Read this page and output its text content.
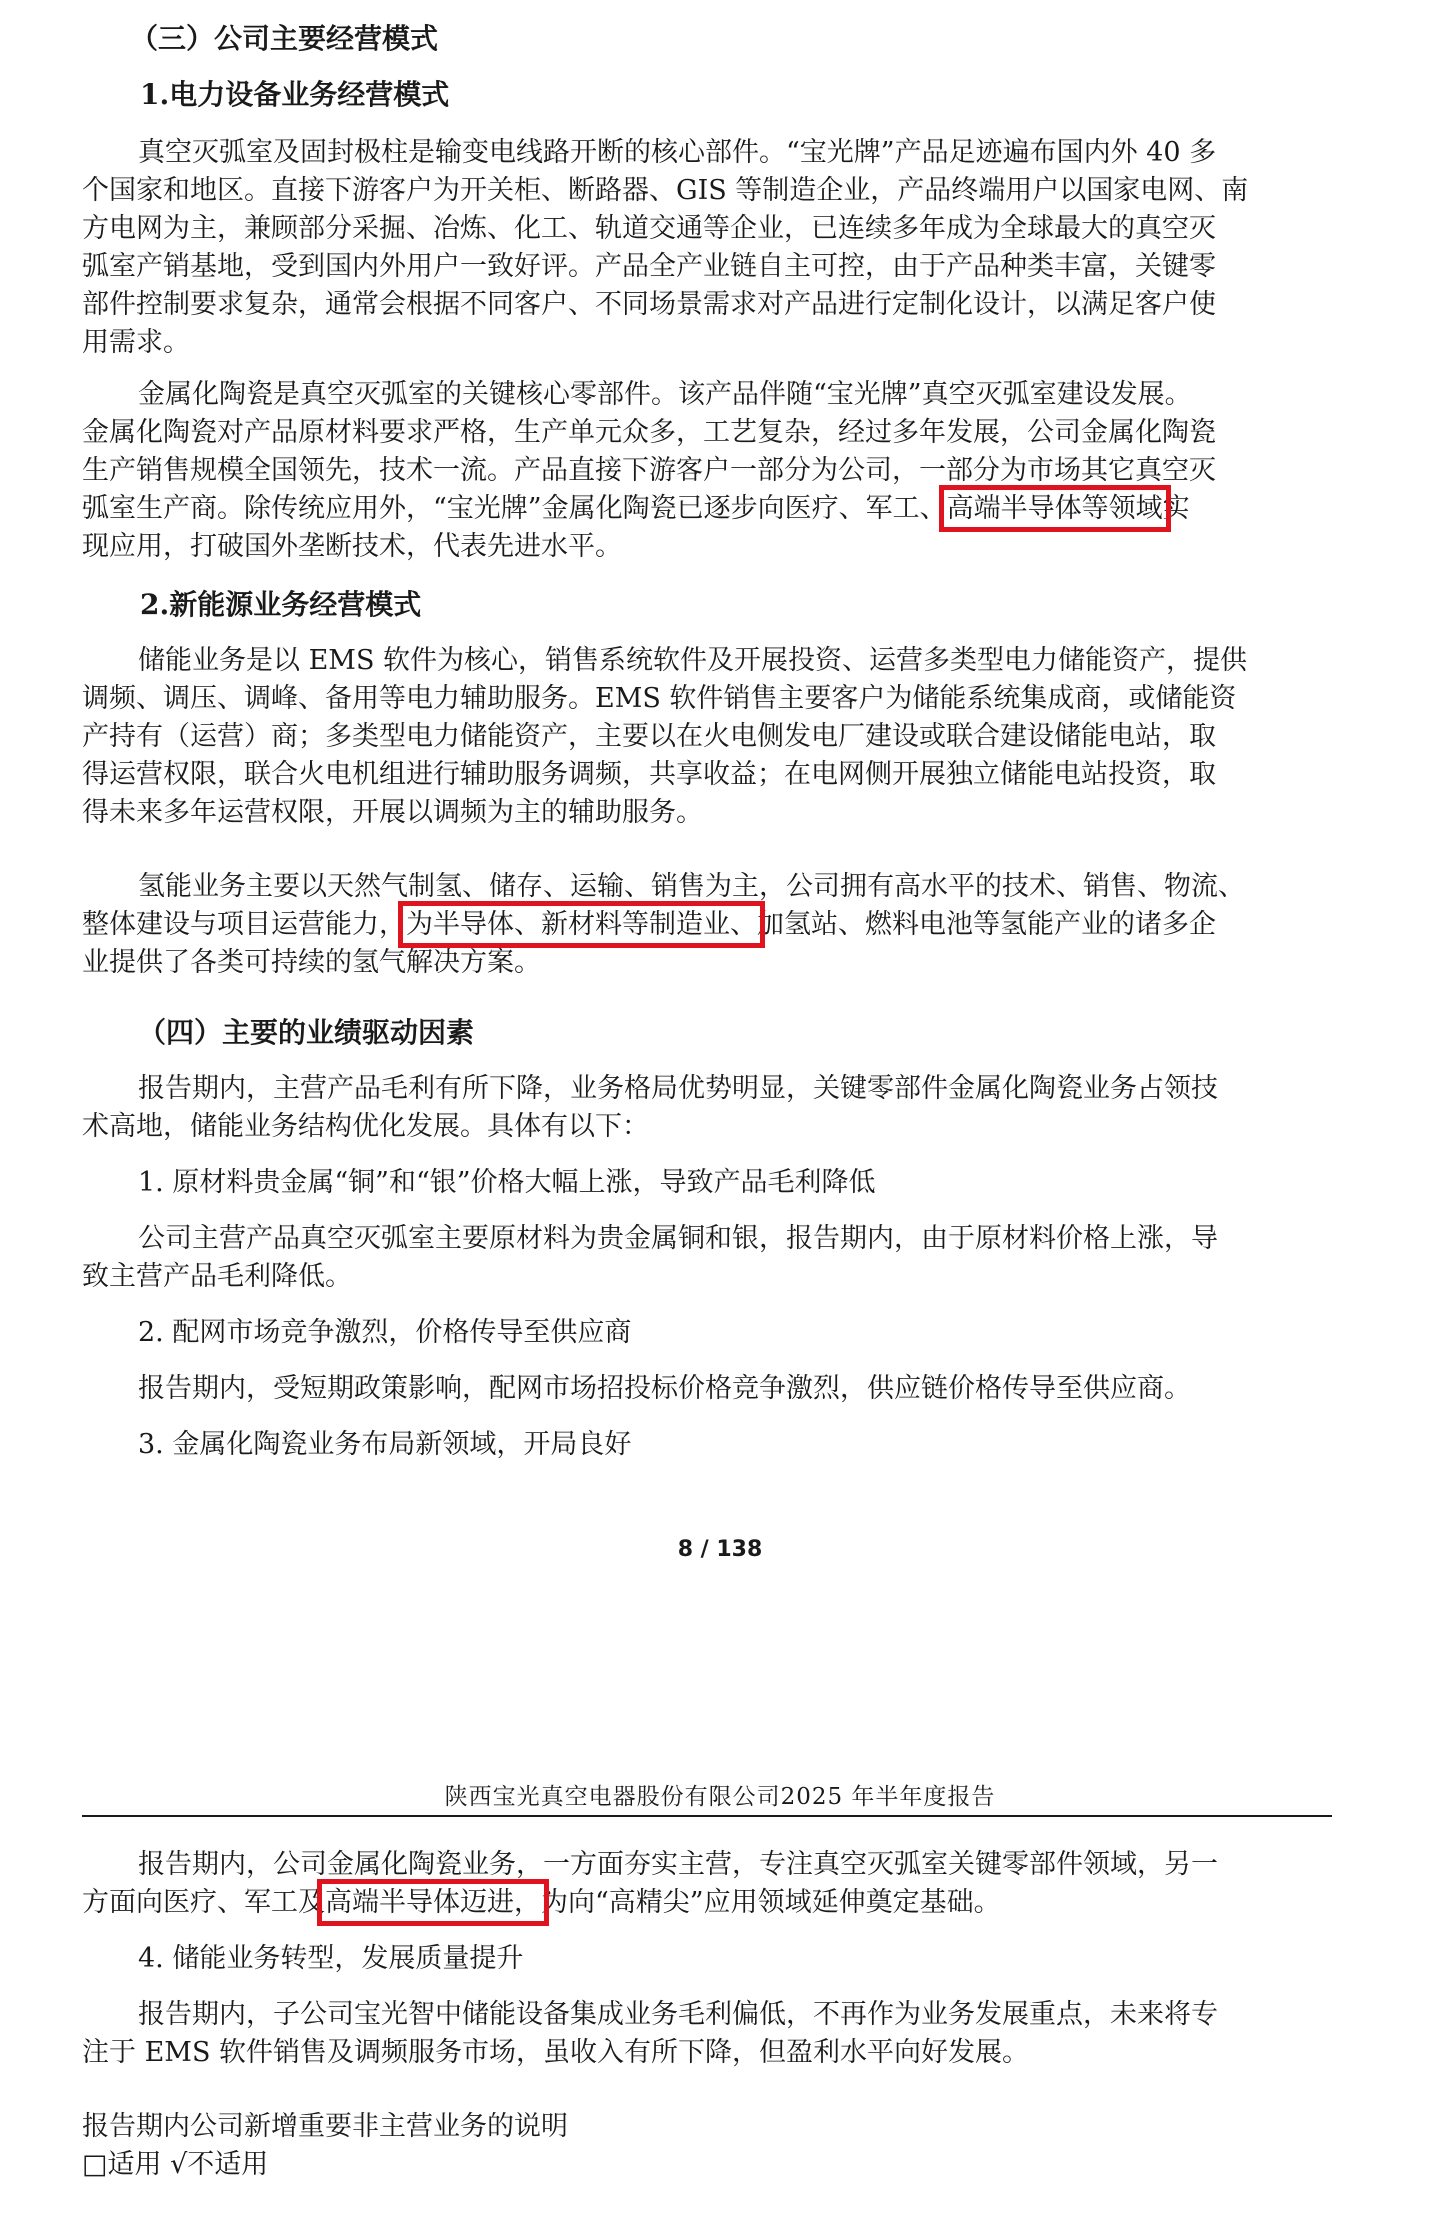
（三）公司主要经营模式
1.电力设备业务经营模式
真空灭弧室及固封极柱是输变电线路开断的核心部件。“宝光牌”产品足迹遍布国内外 40 多
个国家和地区。直接下游客户为开关柜、断路器、GIS 等制造企业，产品终端用户以国家电网、南
方电网为主，兼顾部分采掘、冶炼、化工、轨道交通等企业，已连续多年成为全球最大的真空灭
弧室产销基地，受到国内外用户一致好评。产品全产业链自主可控，由于产品种类丰富，关键零
部件控制要求复杂，通常会根据不同客户、不同场景需求对产品进行定制化设计，以满足客户使
用需求。
金属化陶瓷是真空灭弧室的关键核心零部件。该产品伴随“宝光牌”真空灭弧室建设发展。
金属化陶瓷对产品原材料要求严格，生产单元众多，工艺复杂，经过多年发展，公司金属化陶瓷
生产销售规模全国领先，技术一流。产品直接下游客户一部分为公司，一部分为市场其它真空灭
弧室生产商。除传统应用外，“宝光牌”金属化陶瓷已逐步向医疗、军工、高端半导体等领域实
现应用，打破国外垄断技术，代表先进水平。
2.新能源业务经营模式
储能业务是以 EMS 软件为核心，销售系统软件及开展投资、运营多类型电力储能资产，提供
调频、调压、调峰、备用等电力辅助服务。EMS 软件销售主要客户为储能系统集成商，或储能资
产持有（运营）商；多类型电力储能资产，主要以在火电侧发电厂建设或联合建设储能电站，取
得运营权限，联合火电机组进行辅助服务调频，共享收益；在电网侧开展独立储能电站投资，取
得未来多年运营权限，开展以调频为主的辅助服务。
氢能业务主要以天然气制氢、储存、运输、销售为主，公司拥有高水平的技术、销售、物流、
整体建设与项目运营能力，为半导体、新材料等制造业、加氢站、燃料电池等氢能产业的诸多企
业提供了各类可持续的氢气解决方案。
（四）主要的业绩驱动因素
报告期内，主营产品毛利有所下降，业务格局优势明显，关键零部件金属化陶瓷业务占领技
术高地，储能业务结构优化发展。具体有以下：
1. 原材料贵金属“铜”和“银”价格大幅上涨，导致产品毛利降低
公司主营产品真空灭弧室主要原材料为贵金属铜和银，报告期内，由于原材料价格上涨，导
致主营产品毛利降低。
2. 配网市场竞争激烈，价格传导至供应商
报告期内，受短期政策影响，配网市场招投标价格竞争激烈，供应链价格传导至供应商。
3. 金属化陶瓷业务布局新领域，开局良好
8 / 138
陕西宝光真空电器股份有限公司2025 年半年度报告
报告期内，公司金属化陶瓷业务，一方面夯实主营，专注真空灭弧室关键零部件领域，另一
方面向医疗、军工及高端半导体迈进，为向“高精尖”应用领域延伸奠定基础。
4. 储能业务转型，发展质量提升
报告期内，子公司宝光智中储能设备集成业务毛利偏低，不再作为业务发展重点，未来将专
注于 EMS 软件销售及调频服务市场，虽收入有所下降，但盈利水平向好发展。
报告期内公司新增重要非主营业务的说明
□适用 √不适用
